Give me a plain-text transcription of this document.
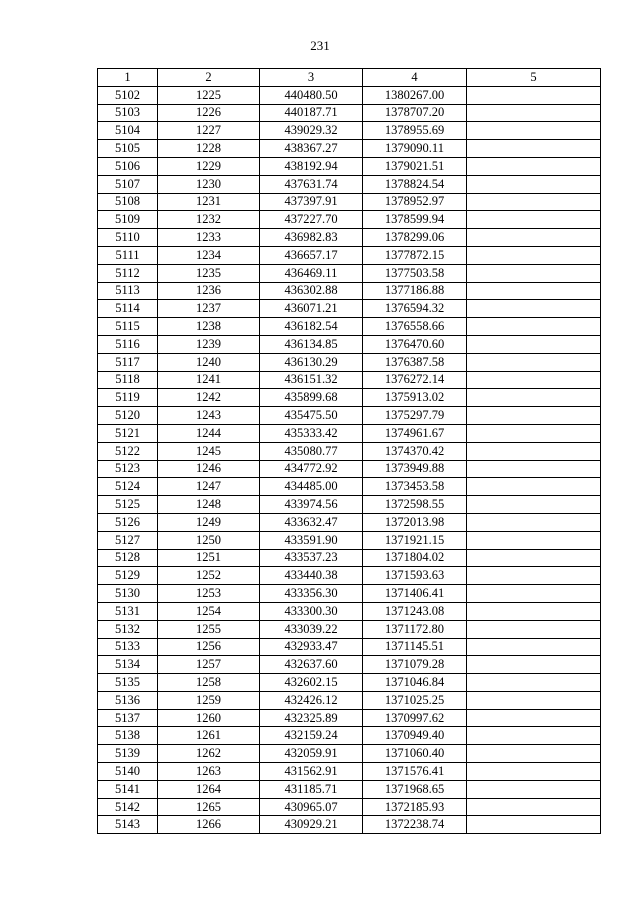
231
1	2	3	4	5
5102	1225	440480.50	1380267.00	
5103	1226	440187.71	1378707.20	
5104	1227	439029.32	1378955.69	
5105	1228	438367.27	1379090.11	
5106	1229	438192.94	1379021.51	
5107	1230	437631.74	1378824.54	
5108	1231	437397.91	1378952.97	
5109	1232	437227.70	1378599.94	
5110	1233	436982.83	1378299.06	
5111	1234	436657.17	1377872.15	
5112	1235	436469.11	1377503.58	
5113	1236	436302.88	1377186.88	
5114	1237	436071.21	1376594.32	
5115	1238	436182.54	1376558.66	
5116	1239	436134.85	1376470.60	
5117	1240	436130.29	1376387.58	
5118	1241	436151.32	1376272.14	
5119	1242	435899.68	1375913.02	
5120	1243	435475.50	1375297.79	
5121	1244	435333.42	1374961.67	
5122	1245	435080.77	1374370.42	
5123	1246	434772.92	1373949.88	
5124	1247	434485.00	1373453.58	
5125	1248	433974.56	1372598.55	
5126	1249	433632.47	1372013.98	
5127	1250	433591.90	1371921.15	
5128	1251	433537.23	1371804.02	
5129	1252	433440.38	1371593.63	
5130	1253	433356.30	1371406.41	
5131	1254	433300.30	1371243.08	
5132	1255	433039.22	1371172.80	
5133	1256	432933.47	1371145.51	
5134	1257	432637.60	1371079.28	
5135	1258	432602.15	1371046.84	
5136	1259	432426.12	1371025.25	
5137	1260	432325.89	1370997.62	
5138	1261	432159.24	1370949.40	
5139	1262	432059.91	1371060.40	
5140	1263	431562.91	1371576.41	
5141	1264	431185.71	1371968.65	
5142	1265	430965.07	1372185.93	
5143	1266	430929.21	1372238.74	
